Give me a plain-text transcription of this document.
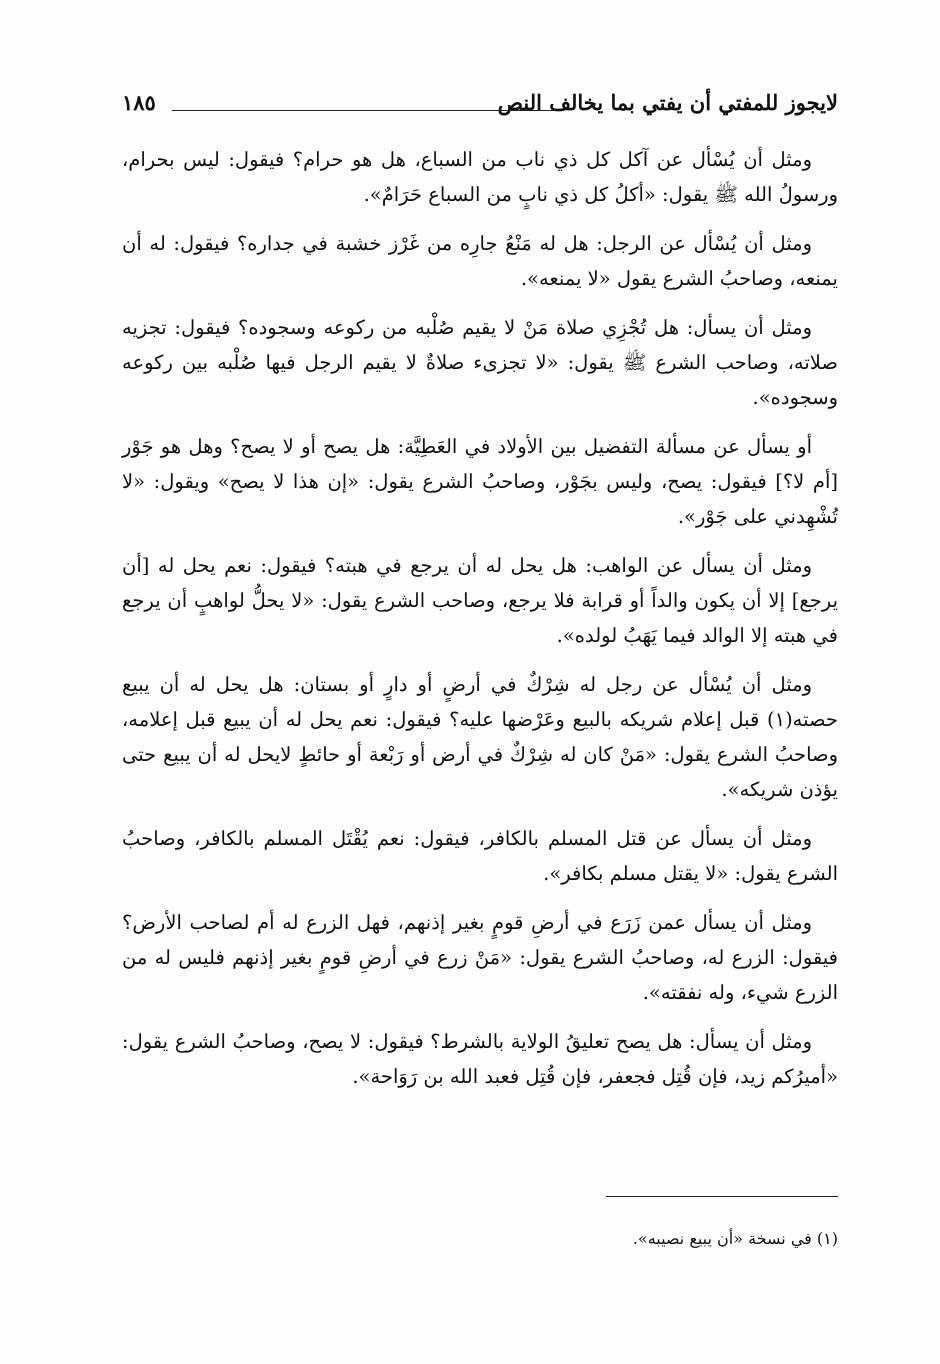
لايجوز للمفتي أن يفتي بما يخالف النص
١٨٥

ومثل أن يُسْأل عن آكل كل ذي ناب من السباع، هل هو حرام؟ فيقول: ليس بحرام، ورسولُ الله ﷺ يقول: «أكلُ كل ذي نابٍ من السباع حَرَامٌ».

ومثل أن يُسْأل عن الرجل: هل له مَنْعُ جارِه من غَرْز خشبة في جداره؟ فيقول: له أن يمنعه، وصاحبُ الشرع يقول «لا يمنعه».

ومثل أن يسأل: هل تُجْزِي صلاة مَنْ لا يقيم صُلْبه من ركوعه وسجوده؟ فيقول: تجزيه صلاته، وصاحب الشرع ﷺ يقول: «لا تجزىء صلاةٌ لا يقيم الرجل فيها صُلْبه بين ركوعه وسجوده».

أو يسأل عن مسألة التفضيل بين الأولاد في العَطِيَّة: هل يصح أو لا يصح؟ وهل هو جَوْر [أم لا؟] فيقول: يصح، وليس بجَوْر، وصاحبُ الشرع يقول: «إن هذا لا يصح» ويقول: «لا تُشْهِدني على جَوْر».

ومثل أن يسأل عن الواهب: هل يحل له أن يرجع في هبته؟ فيقول: نعم يحل له [أن يرجع] إلا أن يكون والداً أو قرابة فلا يرجع، وصاحب الشرع يقول: «لا يحلُّ لواهبٍ أن يرجع في هبته إلا الوالد فيما يَهَبُ لولده».

ومثل أن يُسْأل عن رجل له شِرْكٌ في أرضٍ أو دارٍ أو بستان: هل يحل له أن يبيع حصته(١) قبل إعلام شريكه بالبيع وعَرْضها عليه؟ فيقول: نعم يحل له أن يبيع قبل إعلامه، وصاحبُ الشرع يقول: «مَنْ كان له شِرْكٌ في أرض أو رَبْعة أو حائطٍ لايحل له أن يبيع حتى يؤذن شريكه».

ومثل أن يسأل عن قتل المسلم بالكافر، فيقول: نعم يُقْتَل المسلم بالكافر، وصاحبُ الشرع يقول: «لا يقتل مسلم بكافر».

ومثل أن يسأل عمن زَرَع في أرضِ قومٍ بغير إذنهم، فهل الزرع له أم لصاحب الأرض؟ فيقول: الزرع له، وصاحبُ الشرع يقول: «مَنْ زرع في أرضِ قومٍ بغير إذنهم فليس له من الزرع شيء، وله نفقته».

ومثل أن يسأل: هل يصح تعليقُ الولاية بالشرط؟ فيقول: لا يصح، وصاحبُ الشرع يقول: «أميرُكم زيد، فإن قُتِل فجعفر، فإن قُتِل فعبد الله بن رَوَاحة».

(١) في نسخة «أن يبيع نصيبه».
